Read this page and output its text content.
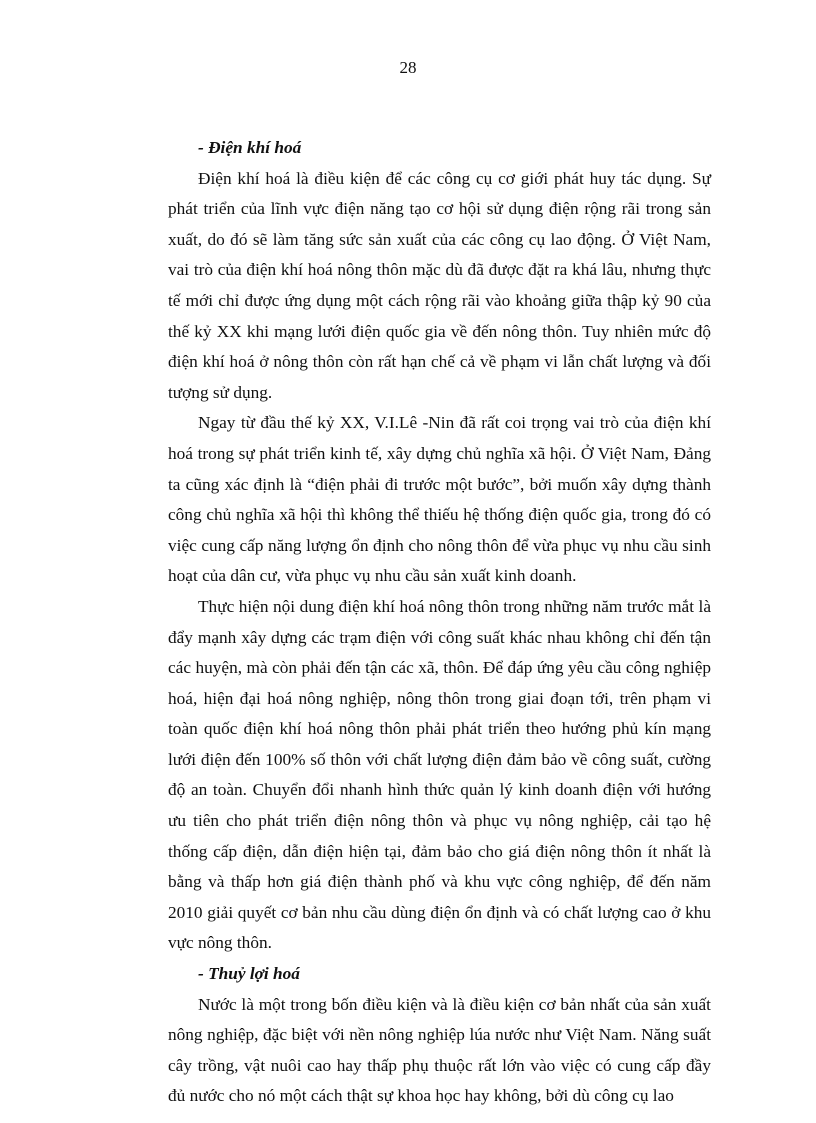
28

- Điện khí hoá

Điện khí hoá là điều kiện để các công cụ cơ giới phát huy tác dụng. Sự phát triển của lĩnh vực điện năng tạo cơ hội sử dụng điện rộng rãi trong sản xuất, do đó sẽ làm tăng sức sản xuất của các công cụ lao động. Ở Việt Nam, vai trò của điện khí hoá nông thôn mặc dù đã được đặt ra khá lâu, nhưng thực tế mới chỉ được ứng dụng một cách rộng rãi vào khoảng giữa thập kỷ 90 của thế kỷ XX khi mạng lưới điện quốc gia về đến nông thôn. Tuy nhiên mức độ điện khí hoá ở nông thôn còn rất hạn chế cả về phạm vi lẫn chất lượng và đối tượng sử dụng.

Ngay từ đầu thế kỷ XX, V.I.Lê -Nin đã rất coi trọng vai trò của điện khí hoá trong sự phát triển kinh tế, xây dựng chủ nghĩa xã hội. Ở Việt Nam, Đảng ta cũng xác định là “điện phải đi trước một bước”, bởi muốn xây dựng thành công chủ nghĩa xã hội thì không thể thiếu hệ thống điện quốc gia, trong đó có việc cung cấp năng lượng ổn định cho nông thôn để vừa phục vụ nhu cầu sinh hoạt của dân cư, vừa phục vụ nhu cầu sản xuất kinh doanh.

Thực hiện nội dung điện khí hoá nông thôn trong những năm trước mắt là đẩy mạnh xây dựng các trạm điện với công suất khác nhau không chỉ đến tận các huyện, mà còn phải đến tận các xã, thôn. Để đáp ứng yêu cầu công nghiệp hoá, hiện đại hoá nông nghiệp, nông thôn trong giai đoạn tới, trên phạm vi toàn quốc điện khí hoá nông thôn phải phát triển theo hướng phủ kín mạng lưới điện đến 100% số thôn với chất lượng điện đảm bảo về công suất, cường độ an toàn. Chuyển đổi nhanh hình thức quản lý kinh doanh điện với hướng ưu tiên cho phát triển điện nông thôn và phục vụ nông nghiệp, cải tạo hệ thống cấp điện, dẫn điện hiện tại, đảm bảo cho giá điện nông thôn ít nhất là bằng và thấp hơn giá điện thành phố và khu vực công nghiệp, để đến năm 2010 giải quyết cơ bản nhu cầu dùng điện ổn định và có chất lượng cao ở khu vực nông thôn.

- Thuỷ lợi hoá

Nước là một trong bốn điều kiện và là điều kiện cơ bản nhất của sản xuất nông nghiệp, đặc biệt với nền nông nghiệp lúa nước như Việt Nam. Năng suất cây trồng, vật nuôi cao hay thấp phụ thuộc rất lớn vào việc có cung cấp đầy đủ nước cho nó một cách thật sự khoa học hay không, bởi dù công cụ lao
